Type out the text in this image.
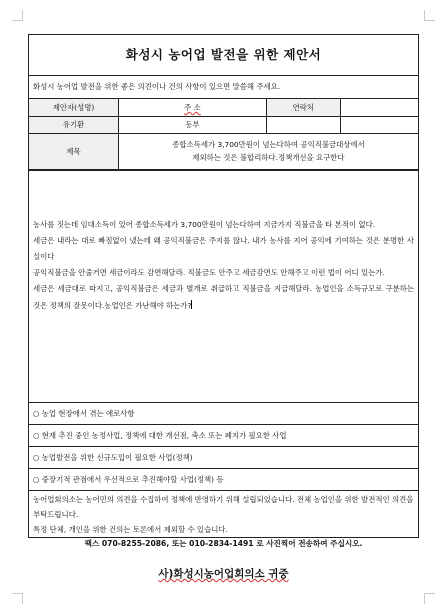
화성시 농어업 발전을 위한 제안서
화성시 농어업 발전을 위한 좋은 의견이나 건의 사항이 있으면 말씀해 주세요.
제안자(성명)	주 소	연락처	
유기환	동부		
제목	종합소득세가 3,700만원이 넘는다하여 공익직불금대상에서
제외하는 것은 불합리하다.정책개선을 요구한다		

농사를 짓는데 임대소득이 있어 종합소득세가 3,700만원이 넘는다하여 지금가지 직불금을 타 본적이 없다.

세금은 내라는 대로 빠짐없이 냈는데 왜 공익직불금은 주지를 않나. 내가 농사를 지어 공익에 기여하는 것은 분명한 사실이다

공익직불금을 안줄거면 세금이라도 감면해달라. 직불금도 안주고 세금감면도 안해주고 이런 법이 어디 있는가.

세금은 세금대로 따지고, 공익직불금은 세금과 별개로 취급하고 직불금을 지급해달라. 농업인을 소득규모로 구분하는 것은 정책의 잘못이다.농업인은 가난해야 하는가?

○ 농업 현장에서 겪는 애로사항
○ 현재 추진 중인 농정사업, 정책에 대한 개선점, 축소 또는 폐지가 필요한 사업
○ 농업발전을 위한 신규도입이 필요한 사업(정책)
○ 중장기적 관점에서 우선적으로 추진해야할 사업(정책) 등

농어업회의소는 농어민의 의견을 수집하여 정책에 반영하기 위해 설립되었습니다. 전체 농업인을 위한 발전적인 의견을 부탁드립니다.

특정 단체, 개인을 위한 건의는 토론에서 제외할 수 있습니다.

팩스 070-8255-2086, 또는 010-2834-1491 로 사진찍어 전송하여 주십시오.
사)화성시농어업회의소 귀중
